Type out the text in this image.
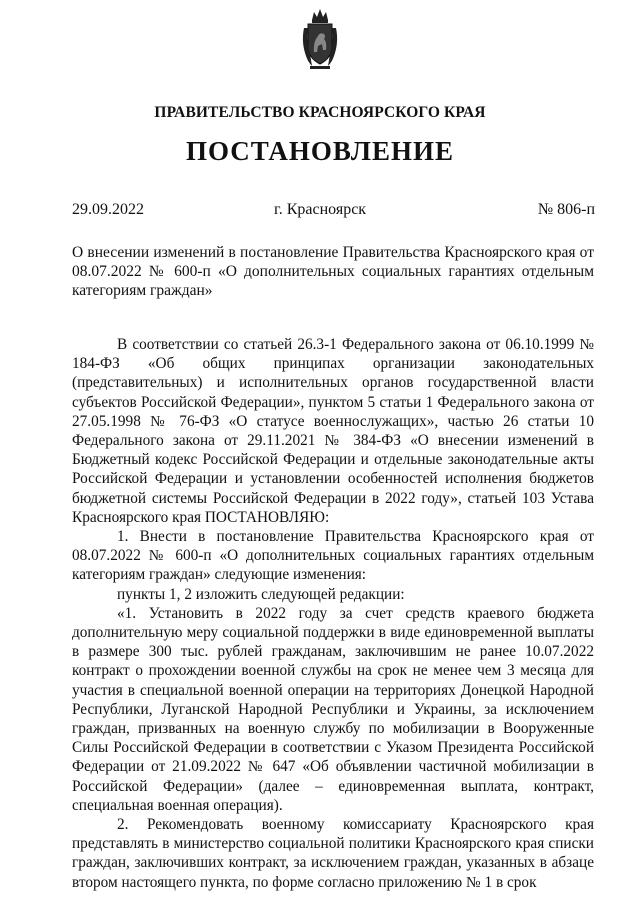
ПРАВИТЕЛЬСТВО КРАСНОЯРСКОГО КРАЯ
ПОСТАНОВЛЕНИЕ
29.09.2022	г. Красноярск	№ 806-п
О внесении изменений в постановление Правительства Красноярского края от 08.07.2022 № 600-п «О дополнительных социальных гарантиях отдельным категориям граждан»

В соответствии со статьей 26.3-1 Федерального закона от 06.10.1999 № 184-ФЗ «Об общих принципах организации законодательных (представительных) и исполнительных органов государственной власти субъектов Российской Федерации», пунктом 5 статьи 1 Федерального закона от 27.05.1998 № 76-ФЗ «О статусе военнослужащих», частью 26 статьи 10 Федерального закона от 29.11.2021 № 384-ФЗ «О внесении изменений в Бюджетный кодекс Российской Федерации и отдельные законодательные акты Российской Федерации и установлении особенностей исполнения бюджетов бюджетной системы Российской Федерации в 2022 году», статьей 103 Устава Красноярского края ПОСТАНОВЛЯЮ:

1. Внести в постановление Правительства Красноярского края от 08.07.2022 № 600-п «О дополнительных социальных гарантиях отдельным категориям граждан» следующие изменения:

пункты 1, 2 изложить следующей редакции:

«1. Установить в 2022 году за счет средств краевого бюджета дополнительную меру социальной поддержки в виде единовременной выплаты в размере 300 тыс. рублей гражданам, заключившим не ранее 10.07.2022 контракт о прохождении военной службы на срок не менее чем 3 месяца для участия в специальной военной операции на территориях Донецкой Народной Республики, Луганской Народной Республики и Украины, за исключением граждан, призванных на военную службу по мобилизации в Вооруженные Силы Российской Федерации в соответствии с Указом Президента Российской Федерации от 21.09.2022 № 647 «Об объявлении частичной мобилизации в Российской Федерации» (далее – единовременная выплата, контракт, специальная военная операция).

2. Рекомендовать военному комиссариату Красноярского края представлять в министерство социальной политики Красноярского края списки граждан, заключивших контракт, за исключением граждан, указанных в абзаце втором настоящего пункта, по форме согласно приложению № 1 в срок
